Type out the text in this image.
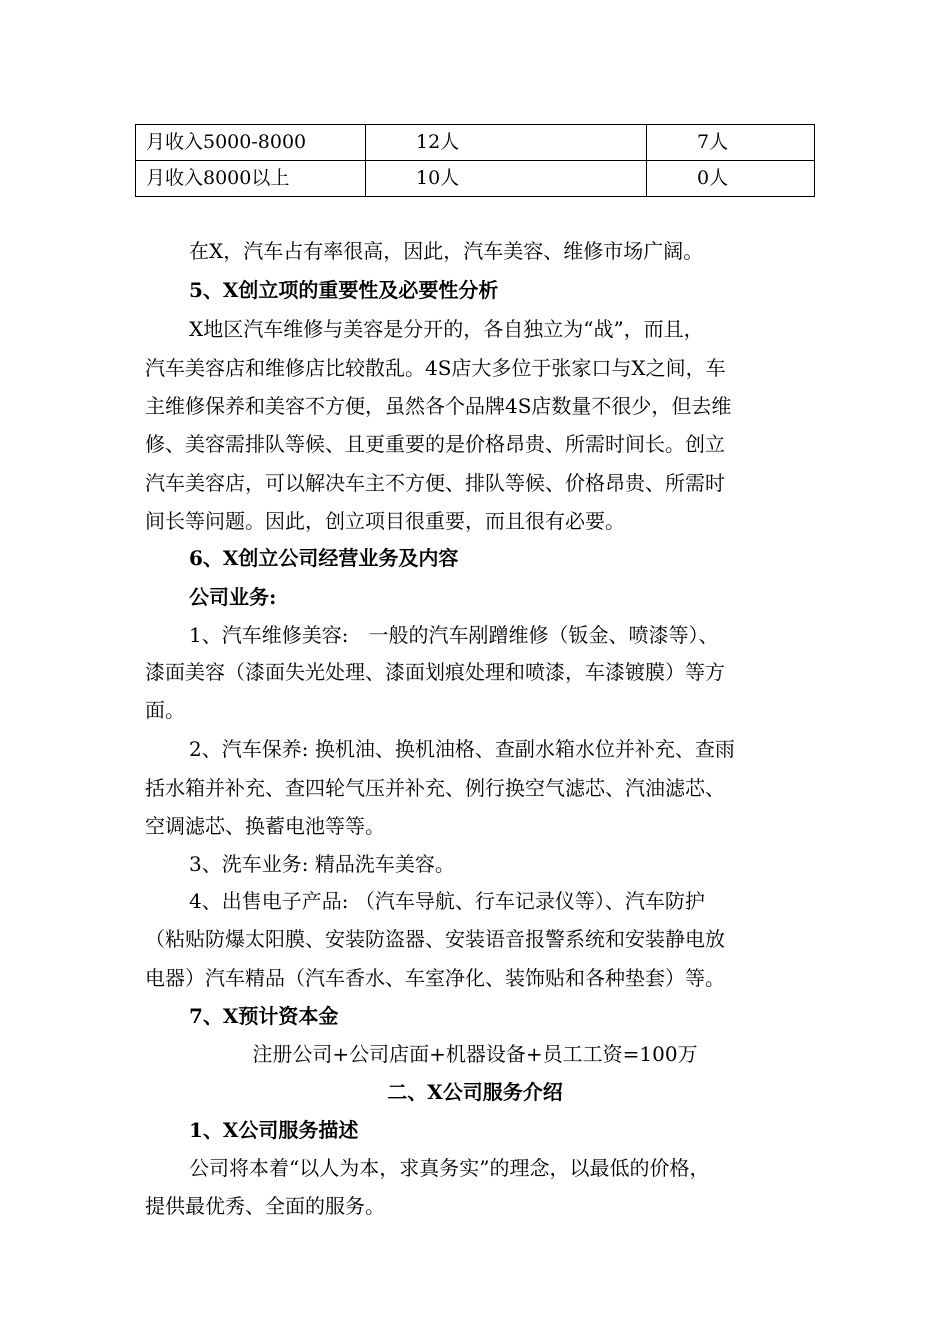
月收入5000-8000	12人	7人
月收入8000以上	10人	0人
在X，汽车占有率很高，因此，汽车美容、维修市场广阔。
5、X创立项的重要性及必要性分析
X地区汽车维修与美容是分开的，各自独立为“战”，而且，
汽车美容店和维修店比较散乱。4S店大多位于张家口与X之间，车
主维修保养和美容不方便，虽然各个品牌4S店数量不很少，但去维
修、美容需排队等候、且更重要的是价格昂贵、所需时间长。创立
汽车美容店，可以解决车主不方便、排队等候、价格昂贵、所需时
间长等问题。因此，创立项目很重要，而且很有必要。
6、X创立公司经营业务及内容
公司业务:
1、汽车维修美容:　一般的汽车剐蹭维修（钣金、喷漆等）、
漆面美容（漆面失光处理、漆面划痕处理和喷漆，车漆镀膜）等方
面。
2、汽车保养: 换机油、换机油格、查副水箱水位并补充、查雨
括水箱并补充、查四轮气压并补充、例行换空气滤芯、汽油滤芯、
空调滤芯、换蓄电池等等。
3、洗车业务: 精品洗车美容。
4、出售电子产品: （汽车导航、行车记录仪等）、汽车防护
（粘贴防爆太阳膜、安装防盗器、安装语音报警系统和安装静电放
电器）汽车精品（汽车香水、车室净化、装饰贴和各种垫套）等。
7、X预计资本金
注册公司+公司店面+机器设备+员工工资=100万
二、X公司服务介绍
1、X公司服务描述
公司将本着“以人为本，求真务实”的理念，以最低的价格，
提供最优秀、全面的服务。
